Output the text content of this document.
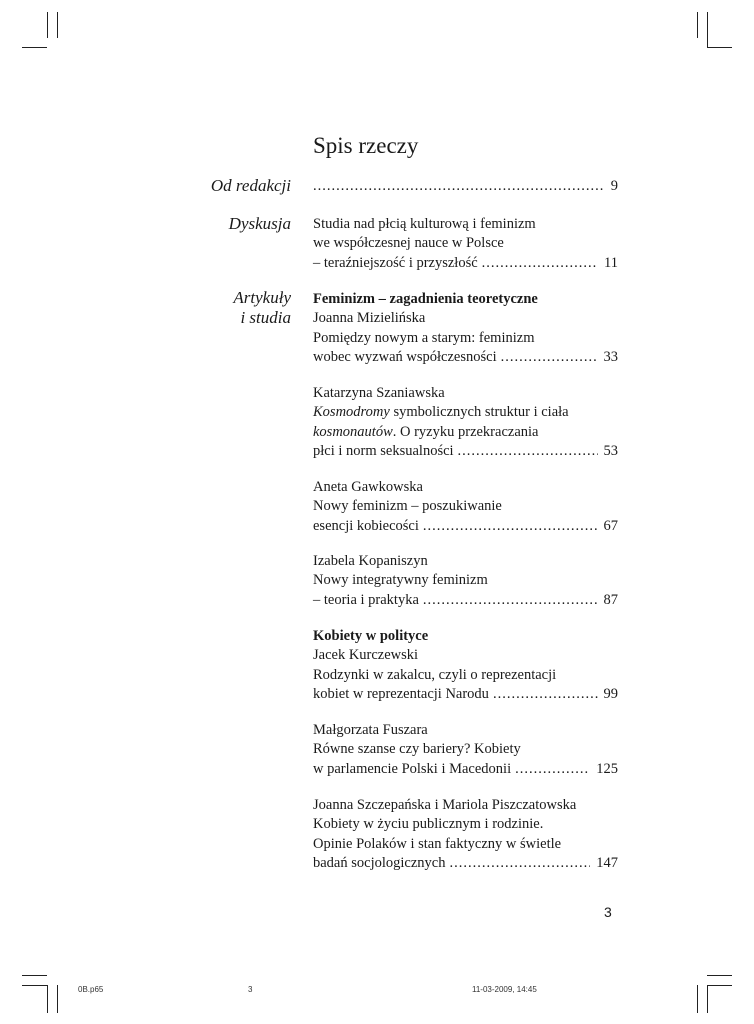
Spis rzeczy
Od redakcji .....	9
Dyskusja Studia nad płcią kulturową i feminizm
we współczesnej nauce w Polsce
– teraźniejszość i przyszłość .....	11
Artykuły
i studia
Feminizm – zagadnienia teoretyczne
Joanna Mizielińska
Pomiędzy nowym a starym: feminizm
wobec wyzwań współczesności .....	33
Katarzyna Szaniawska
Kosmodromy symbolicznych struktur i ciała
kosmonautów . O ryzyku przekraczania
płci i norm seksualności .....	53
Aneta Gawkowska
Nowy feminizm – poszukiwanie
esencji kobiecości .....	67
Izabela Kopaniszyn
Nowy integratywny feminizm
– teoria i praktyka .....	87
Kobiety w polityce
Jacek Kurczewski
Rodzynki w zakalcu, czyli o reprezentacji
kobiet w reprezentacji Narodu .....	99
Małgorzata Fuszara
Równe szanse czy bariery? Kobiety
w parlamencie Polski i Macedonii .....	125
Joanna Szczepańska i Mariola Piszczatowska
Kobiety w życiu publicznym i rodzinie.
Opinie Polaków i stan faktyczny w świetle
badań socjologicznych .....	147
3
0B.p65	3	11-03-2009, 14:45
